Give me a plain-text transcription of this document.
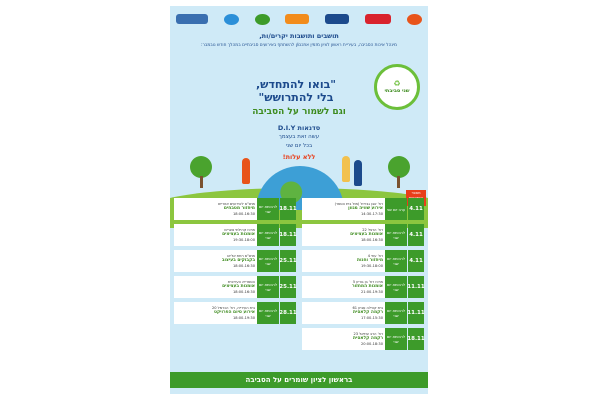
תושבים ותושבות יקרים/ות,
מינהל איכות הסביבה, בעיריית ראשון לציון מזמין אתכם/ן להשתתף באירועים סביבתיים במהלך חודש נובמבר:
♻
שני סביבתי
"בואו להתחדש,
בלי להתרושש"
וגם לשמור על הסביבה
סדנאות D.I.Y
עשה זאת בעצמך
בכל יום שני
ללא עלות!
מספר
4.11
ערב יום שני
רח' אבן גבירול (מול בית הספר)
אירוע שוויה מגוון
14:30-17:30
4.11
לרבותא יום שני
רח' הרצל 22
אומנות בעציצים
18:00-16:30
4.11
לרבותא יום שני
רח' עוזי 4
מיחזור וחנות
19:30-18:00
11.11
לרבותא יום שני
מרכז רח' בן גוריון 5
אומנות המחזור
21:00-19:30
11.11
לרבותא יום שני
בית קהילה סביון 61
רקמה קלאסית
17:00-15:30
18.11
לרבותא יום שני
רח' הרב עוזיאל 23
רקמה קלאסית
20:00-18:30
18.11
לרבותא יום שני
מתנ"ס לאירועים אזוריים
מיחזור מטבחים
18:00-16:30
18.11
לרבותא יום שני
מרכז קהילתי נוצרים
אומנות בעציצים
19:30-18:00
25.11
לרבותא יום שני
מתנ"ס רמת אליהו
בקבוקים בעיצוב
18:00-16:30
25.11
לרבותא יום שני
הספרייה העירונית
אומנות בעציצים
18:00-16:30
28.11
לרבותא יום שני
בית העירייה, רח' הכרמל 20
אירוע סיום הפרויקט
18:00-19:30
בראשון לציון שומרים על הסביבה
